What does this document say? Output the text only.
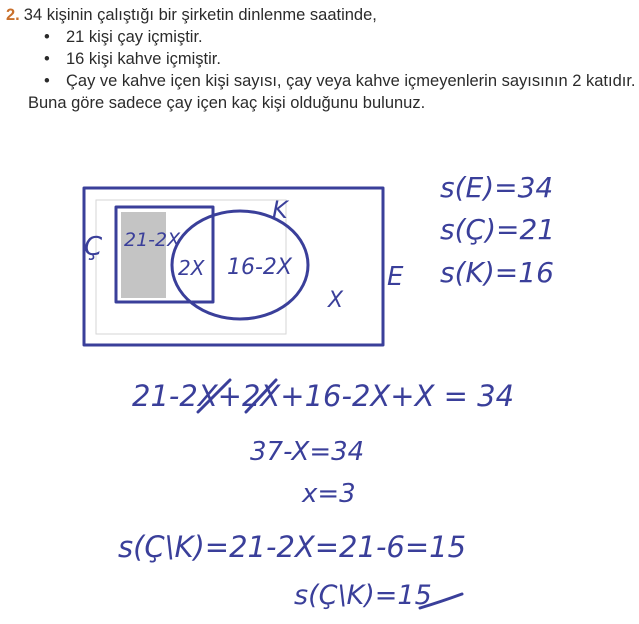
2. 34 kişinin çalıştığı bir şirketin dinlenme saatinde,
• 21 kişi çay içmiştir.
• 16 kişi kahve içmiştir.
• Çay ve kahve içen kişi sayısı, çay veya kahve içmeyenlerin sayısının 2 katıdır.
Buna göre sadece çay içen kaç kişi olduğunu bulunuz.
Ç
K
E
21-2X
2X 16-2X
X
s(E)=34
s(Ç)=21
s(K)=16
21-2X+2X+16-2X+X = 34
37-X=34
x=3
s(Ç\K)=21-2X=21-6=15
s(Ç\K)=15
